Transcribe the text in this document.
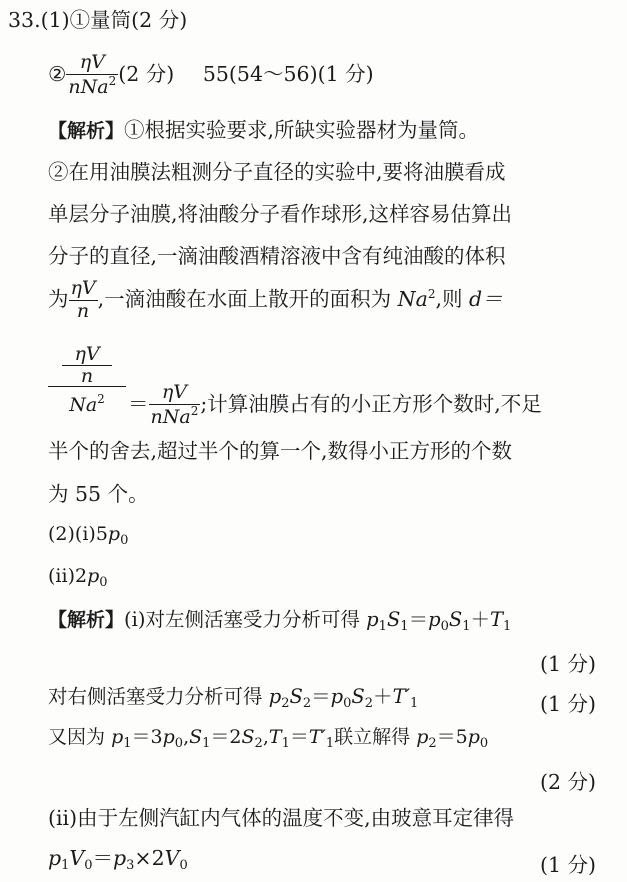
33.(1)①量筒(2 分)
② $\frac{\eta V}{nNa^2} (2$ 分) 55(54～56)(1 分)
【解析】①根据实验要求,所缺实验器材为量筒。
②在用油膜法粗测分子直径的实验中,要将油膜看成
单层分子油膜,将油酸分子看作球形,这样容易估算出
分子的直径,一滴油酸酒精溶液中含有纯油酸的体积
为 $\frac{\eta V}{n}$ ,一滴油酸在水面上散开的面积为 Na$^2$,则 d＝
ηV
n
$Na^2$	＝ $\frac{\eta V}{nNa^2}$ ;计算油膜占有的小正方形个数时,不足
半个的舍去,超过半个的算一个,数得小正方形的个数
为 55 个。
$(2)(i)5p_0$
$(ii)2p_0$
【解析】(i)对左侧活塞受力分析可得 $p_1S_1=p_0S_1+T_1$
(1 分)
对右侧活塞受力分析可得 $p_2S_2=p_0S_2+T'_1$	(1 分)
又因为 $p_1=3p_0,S_1=2S_2,T_1=T'_1$联立解得 $p_2=5p_0$
(2 分)
(ii)由于左侧汽缸内气体的温度不变,由玻意耳定律得
$p_1V_0=p_3\times 2V_0$	(1 分)
